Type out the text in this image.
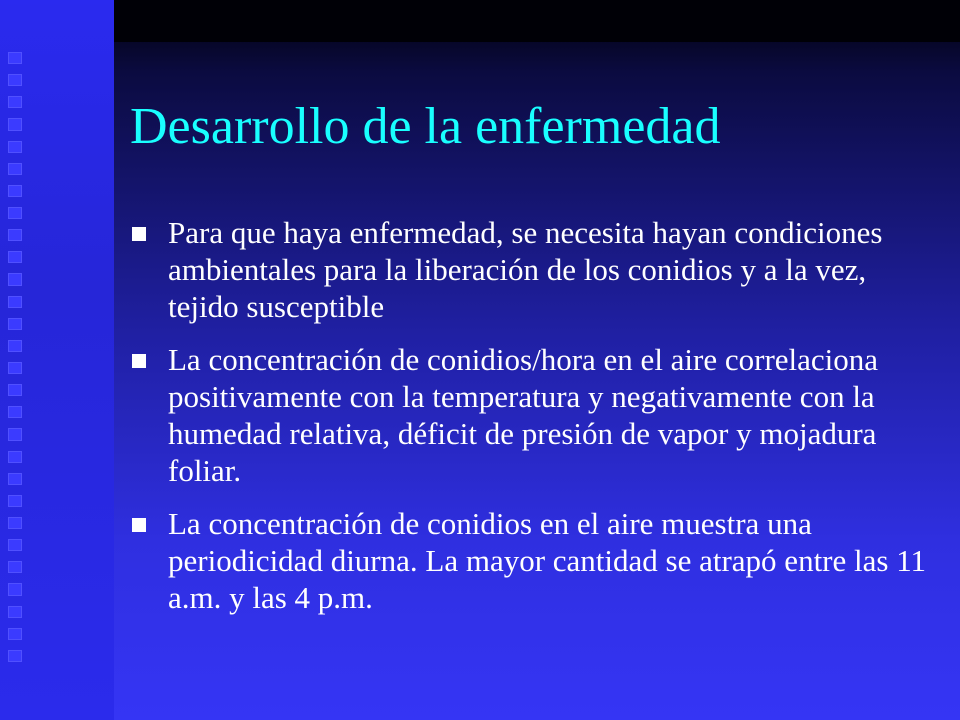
Desarrollo de la enfermedad
Para que haya enfermedad, se necesita hayan condiciones ambientales para la liberación de los conidios y a la vez, tejido susceptible
La concentración de conidios/hora en el aire correlaciona positivamente con la temperatura y negativamente con la humedad relativa, déficit de presión de vapor y mojadura foliar.
La concentración de conidios en el aire muestra una periodicidad diurna. La mayor cantidad se atrapó entre las 11 a.m. y las 4 p.m.
